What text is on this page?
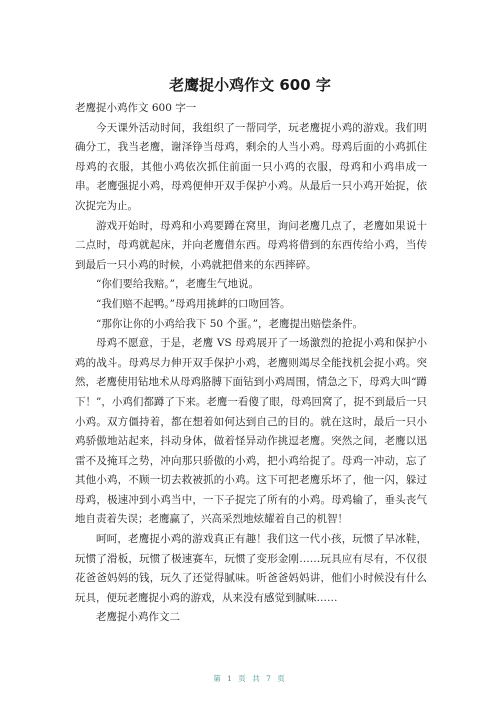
老鹰捉小鸡作文 600 字

老鹰捉小鸡作文 600 字一

今天课外活动时间，我组织了一帮同学，玩老鹰捉小鸡的游戏。我们明确分工，我当老鹰，谢泽铮当母鸡，剩余的人当小鸡。母鸡后面的小鸡抓住母鸡的衣服，其他小鸡依次抓住前面一只小鸡的衣服，母鸡和小鸡串成一串。老鹰强捉小鸡，母鸡便伸开双手保护小鸡。从最后一只小鸡开始捉，依次捉完为止。

游戏开始时，母鸡和小鸡要蹲在窝里，询问老鹰几点了，老鹰如果说十二点时，母鸡就起床，并向老鹰借东西。母鸡将借到的东西传给小鸡，当传到最后一只小鸡的时候，小鸡就把借来的东西摔碎。

“你们要给我赔。”，老鹰生气地说。

“我们赔不起鸭。”母鸡用挑衅的口吻回答。

“那你让你的小鸡给我下 50 个蛋。”，老鹰提出赔偿条件。

母鸡不愿意，于是，老鹰 VS 母鸡展开了一场激烈的抢捉小鸡和保护小鸡的战斗。母鸡尽力伸开双手保护小鸡，老鹰则竭尽全能找机会捉小鸡。突然，老鹰使用钻地术从母鸡胳膊下面钻到小鸡周围，情急之下，母鸡大叫“蹲下！”，小鸡们都蹲了下来。老鹰一看傻了眼，母鸡回窝了，捉不到最后一只小鸡。双方僵持着，都在想着如何达到自己的目的。就在这时，最后一只小鸡骄傲地站起来，抖动身体，做着怪异动作挑逗老鹰。突然之间，老鹰以迅雷不及掩耳之势，冲向那只骄傲的小鸡，把小鸡给捉了。母鸡一冲动，忘了其他小鸡，不顾一切去救被抓的小鸡。这下可把老鹰乐坏了，他一闪，躲过母鸡，极速冲到小鸡当中，一下子捉完了所有的小鸡。母鸡输了，垂头丧气地自责着失误；老鹰赢了，兴高采烈地炫耀着自己的机智！

呵呵，老鹰捉小鸡的游戏真正有趣！我们这一代小孩，玩惯了旱冰鞋，玩惯了滑板，玩惯了极速赛车，玩惯了变形金刚……玩具应有尽有，不仅很花爸爸妈妈的钱，玩久了还觉得腻味。听爸爸妈妈讲，他们小时候没有什么玩具，便玩老鹰捉小鸡的游戏，从来没有感觉到腻味……

老鹰捉小鸡作文二

第 1 页 共 7 页
